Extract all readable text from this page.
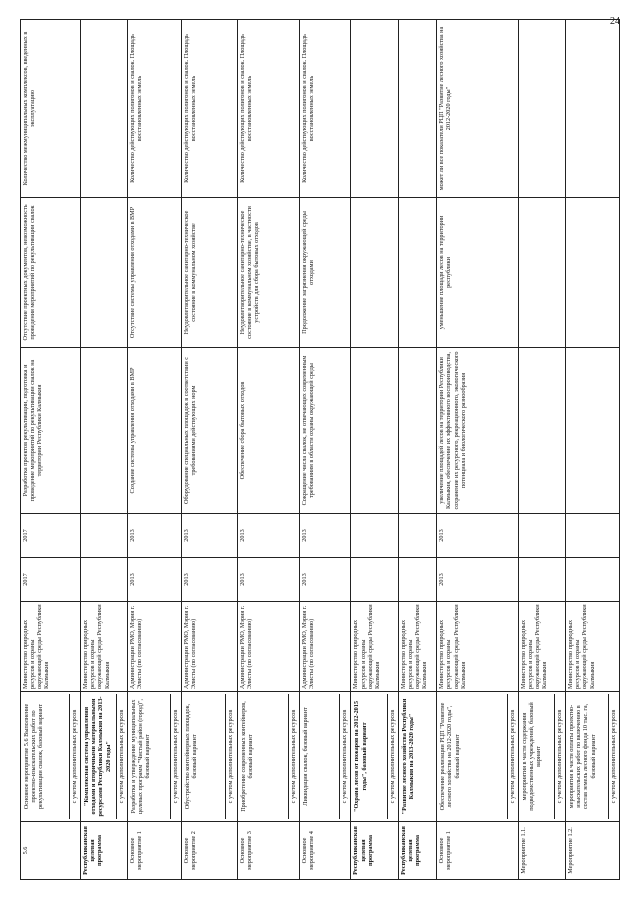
24
5.6	Основное мероприятие 5.6 Выполнение проектно-изыскательских работ по рекультивации свалок, базовый вариант с учетом дополнительных ресурсов	Министерство природных ресурсов и охраны окружающей среды Республики Калмыкия	2017	2017	Разработка проектов рекультивации, подготовка и проведение мероприятий по рекультивации свалок на территории Республики Калмыкия	Отсутствие проектных документов, невозможность проведения мероприятий по рекультивации свалок	Количество межмуниципальных комплексов, введенных в эксплуатацию
Республиканская целевая программа	"Комплексная система управления отходами и вторичными материальными ресурсами Республики Калмыкия на 2013-2020 годы" с учетом дополнительных ресурсов	Министерство природных ресурсов и охраны окружающей среды Республики Калмыкия					
Основное мероприятие 1	Разработка и утверждение муниципальных целевых программ "Чистый район (город)", базовый вариант с учетом дополнительных ресурсов	Администрации РМО, Мэрия г. Элисты (по согласованию)	2013	2013	Создание системы управления отходами в ВМР	Отсутствие системы управления отходами в ВМР	Количество действующих полигонов и свалок. Площадь восстановленных земель
Основное мероприятие 2	Обустройство контейнерных площадок, базовый вариант с учетом дополнительных ресурсов	Администрации РМО, Мэрия г. Элисты (по согласованию)	2013	2013	Оборудование специальных площадок в соответствии с требованиями действующих норм	Неудовлетворительное санитарно-техническое состояние в коммунальном хозяйстве	Количество действующих полигонов и свалок. Площадь восстановленных земель
Основное мероприятие 3	Приобретение современных контейнеров, базовый вариант с учетом дополнительных ресурсов	Администрации РМО, Мэрия г. Элисты (по согласованию)	2013	2013	Обеспечение сбора бытовых отходов	Неудовлетворительное санитарно-техническое состояние в коммунальном хозяйстве, в частности устройств для сбора бытовых отходов	Количество действующих полигонов и свалок. Площадь восстановленных земель
Основное мероприятие 4	Ликвидация свалок, базовый вариант с учетом дополнительных ресурсов	Администрации РМО, Мэрия г. Элисты (по согласованию)	2013	2013	Сокращение числа свалок, не отвечающих современным требованиям в области охраны окружающей среды	Продолжение загрязнения окружающей среды отходами	Количество действующих полигонов и свалок. Площадь восстановленных земель
Республиканская целевая программа	"Охрана лесов от пожаров на 2012-2015 годы", базовый вариант с учетом дополнительных ресурсов	Министерство природных ресурсов и охраны окружающей среды Республики Калмыкия					
Республиканская целевая программа	"Развитие лесного хозяйства Республики Калмыкия на 2013-2020 годы"	Министерство природных ресурсов и охраны окружающей среды Республики Калмыкия					
Основное мероприятие 1	Обеспечение реализации РЦП "Развитие лесного хозяйства на 2012-2020 годы", базовый вариант с учетом дополнительных ресурсов	Министерство природных ресурсов и охраны окружающей среды Республики Калмыкия	2013	2013	увеличение площадей лесов на территории Республики Калмыкия, обеспечение их эффективного воспроизводства, сохранение их ресурсного, рекреационного, экологического потенциала и биологического разнообразия	уменьшение площади лесов на территории республики	может ли все показатели РЦП "Развитие лесного хозяйства на 2012-2020 годы"
Мероприятие 1.1.	мероприятия в части содержания подведомственных учреждений, базовый вариант с учетом дополнительных ресурсов	Министерство природных ресурсов и охраны окружающей среды Республики Калмыкия					
Мероприятие 1.2.	мероприятия в части оплаты проектно-изыскательских работ по включению в состав земель лесного фонда 10 тыс. га, базовый вариант с учетом дополнительных ресурсов	Министерство природных ресурсов и охраны окружающей среды Республики Калмыкия					
